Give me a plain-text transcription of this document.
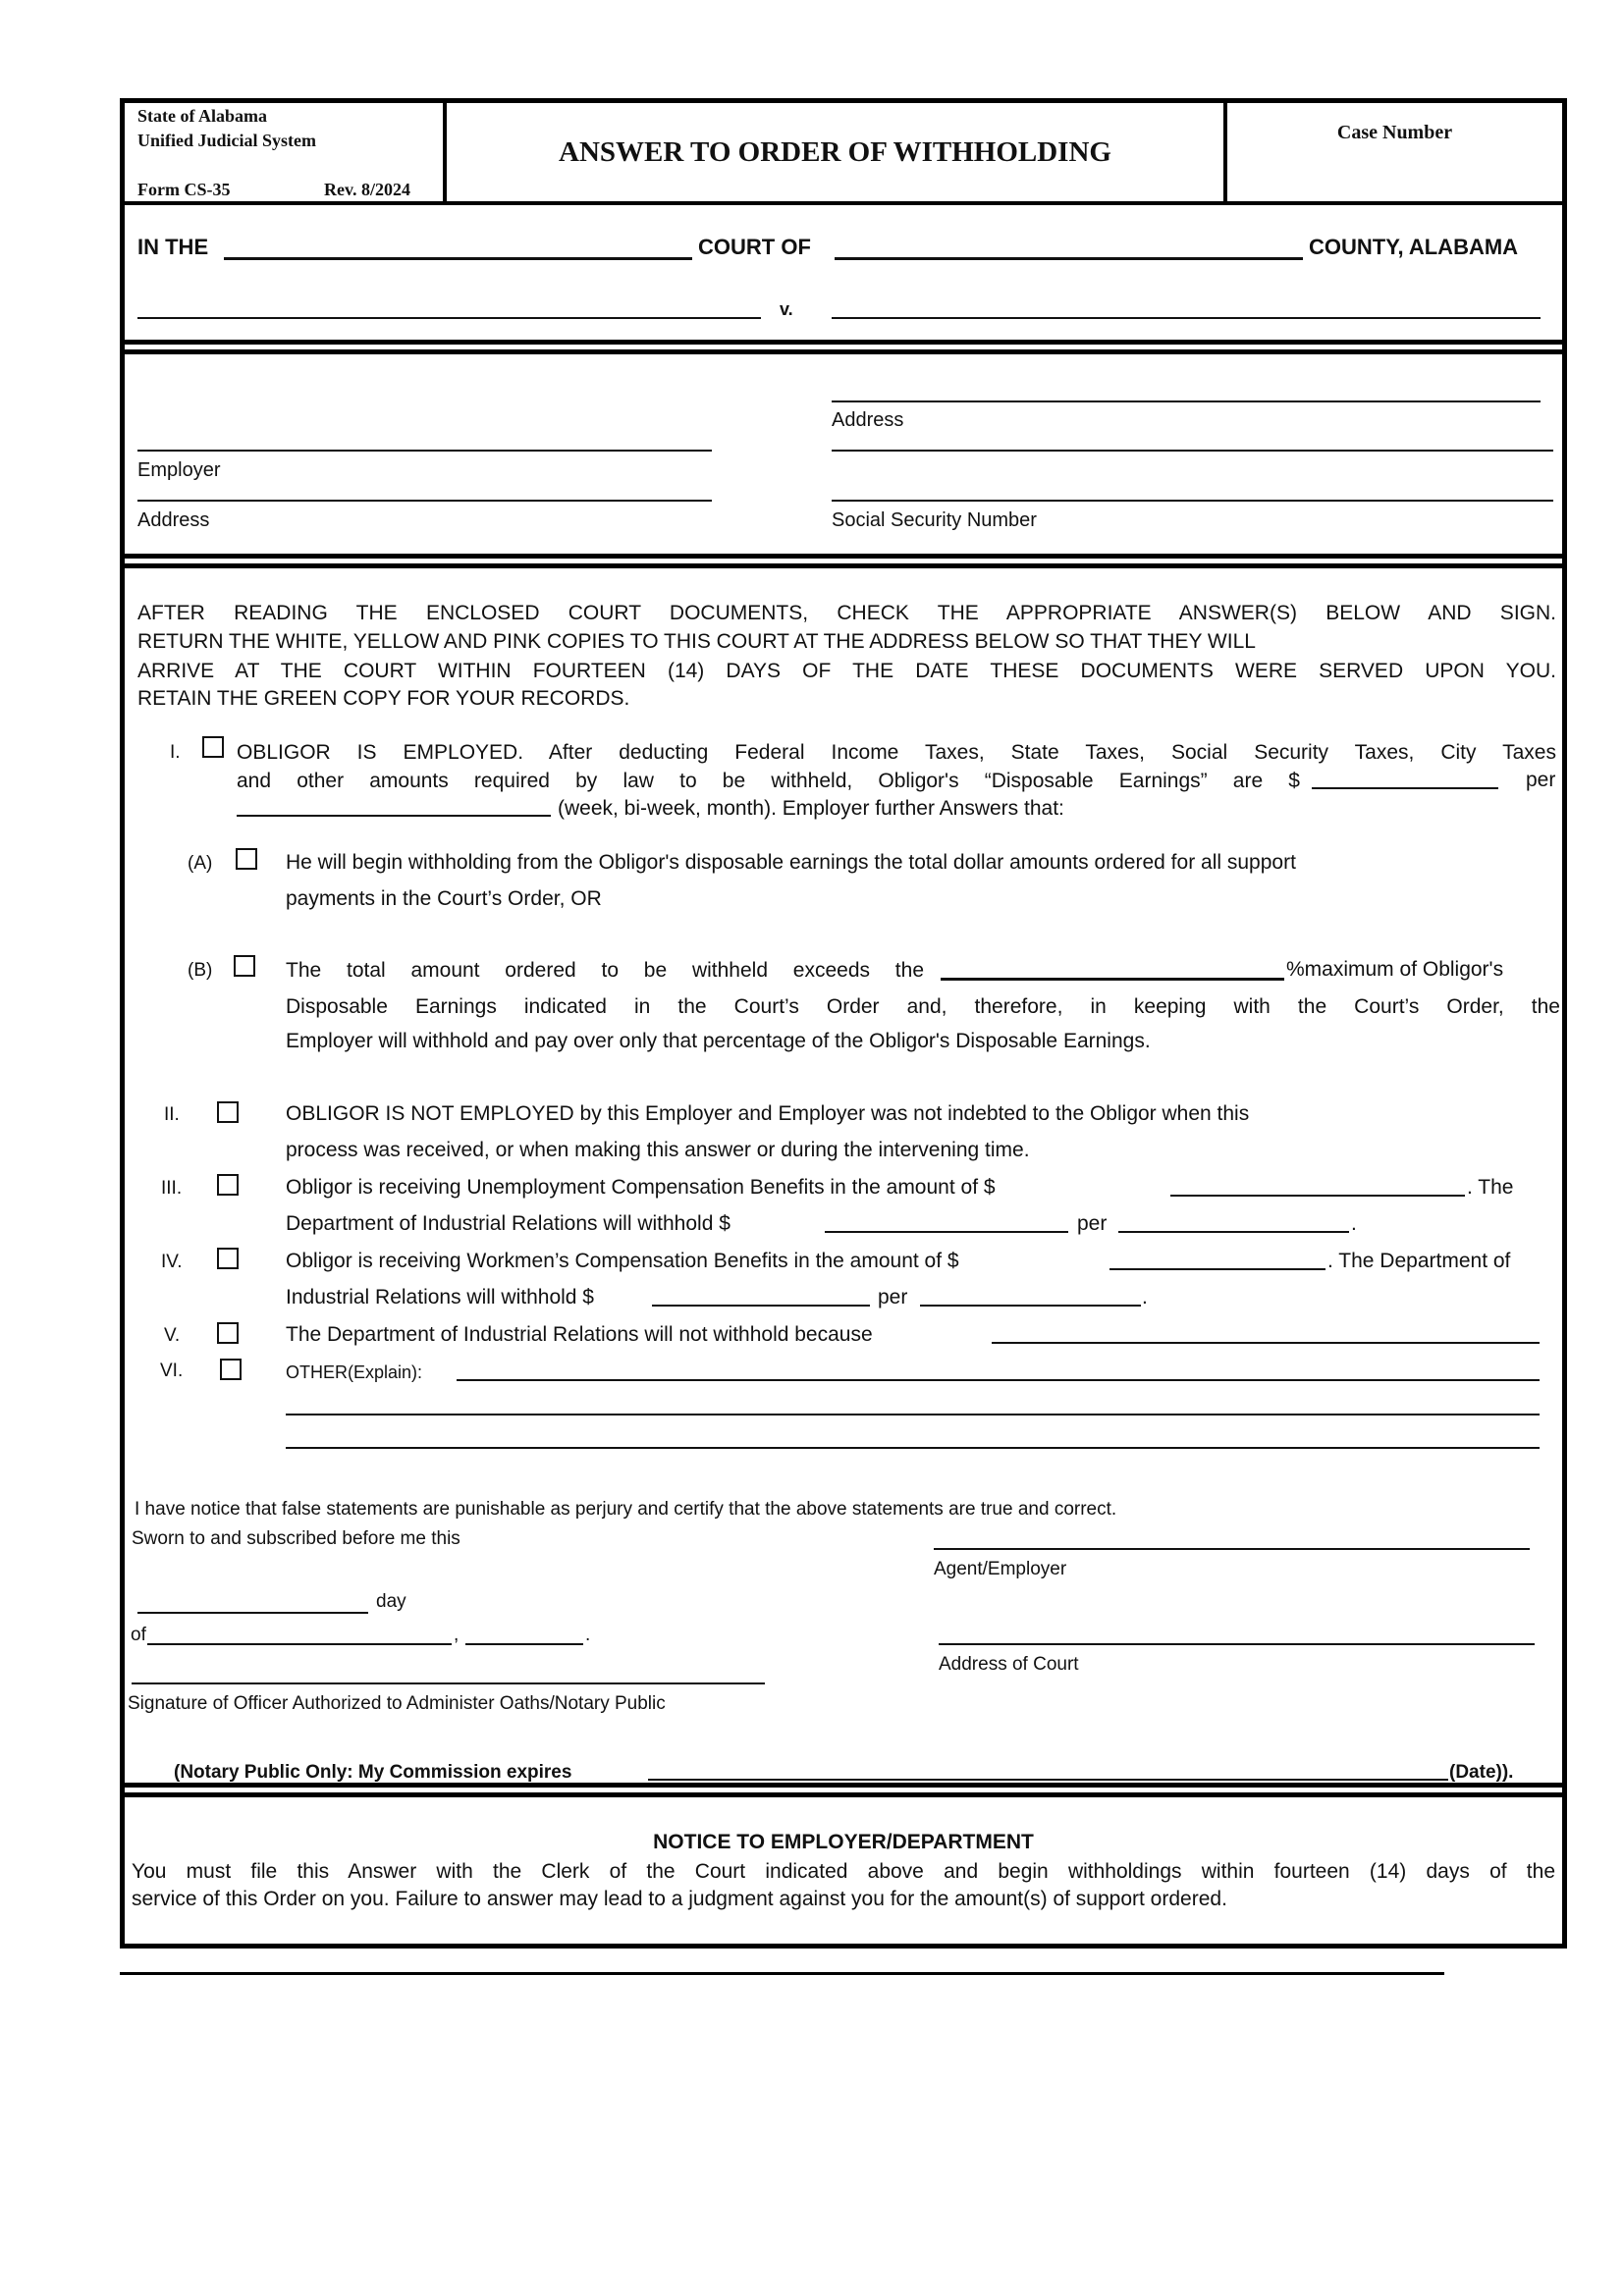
State of Alabama
Unified Judicial System
Form CS-35	Rev. 8/2024
ANSWER TO ORDER OF WITHHOLDING
Case Number
IN THE	COURT OF	COUNTY, ALABAMA
v.
Address
Employer
Address	Social Security Number
AFTER READING THE ENCLOSED COURT DOCUMENTS, CHECK THE APPROPRIATE ANSWER(S) BELOW AND SIGN.
RETURN THE WHITE, YELLOW AND PINK COPIES TO THIS COURT AT THE ADDRESS BELOW SO THAT THEY WILL
ARRIVE AT THE COURT WITHIN FOURTEEN (14) DAYS OF THE DATE THESE DOCUMENTS WERE SERVED UPON YOU.
RETAIN THE GREEN COPY FOR YOUR RECORDS.
I.	OBLIGOR IS EMPLOYED. After deducting Federal Income Taxes, State Taxes, Social Security Taxes, City Taxes
and other amounts required by law to be withheld, Obligor's “Disposable Earnings” are $	per
(week, bi-week, month). Employer further Answers that:
(A)	He will begin withholding from the Obligor's disposable earnings the total dollar amounts ordered for all support
payments in the Court’s Order, OR
(B)	The total amount ordered to be withheld exceeds the	%maximum of Obligor's
Disposable Earnings indicated in the Court’s Order and, therefore, in keeping with the Court’s Order, the
Employer will withhold and pay over only that percentage of the Obligor's Disposable Earnings.
II.	OBLIGOR IS NOT EMPLOYED by this Employer and Employer was not indebted to the Obligor when this
process was received, or when making this answer or during the intervening time.
III.	Obligor is receiving Unemployment Compensation Benefits in the amount of $	. The
Department of Industrial Relations will withhold $	per	.
IV.	Obligor is receiving Workmen’s Compensation Benefits in the amount of $	. The Department of
Industrial Relations will withhold $	per	.
V.	The Department of Industrial Relations will not withhold because
VI.	OTHER(Explain):
I have notice that false statements are punishable as perjury and certify that the above statements are true and correct.
Sworn to and subscribed before me this
Agent/Employer
day
of	,	.
Address of Court
Signature of Officer Authorized to Administer Oaths/Notary Public
(Notary Public Only: My Commission expires	(Date)).
NOTICE TO EMPLOYER/DEPARTMENT
You must file this Answer with the Clerk of the Court indicated above and begin withholdings within fourteen (14) days of the
service of this Order on you. Failure to answer may lead to a judgment against you for the amount(s) of support ordered.
